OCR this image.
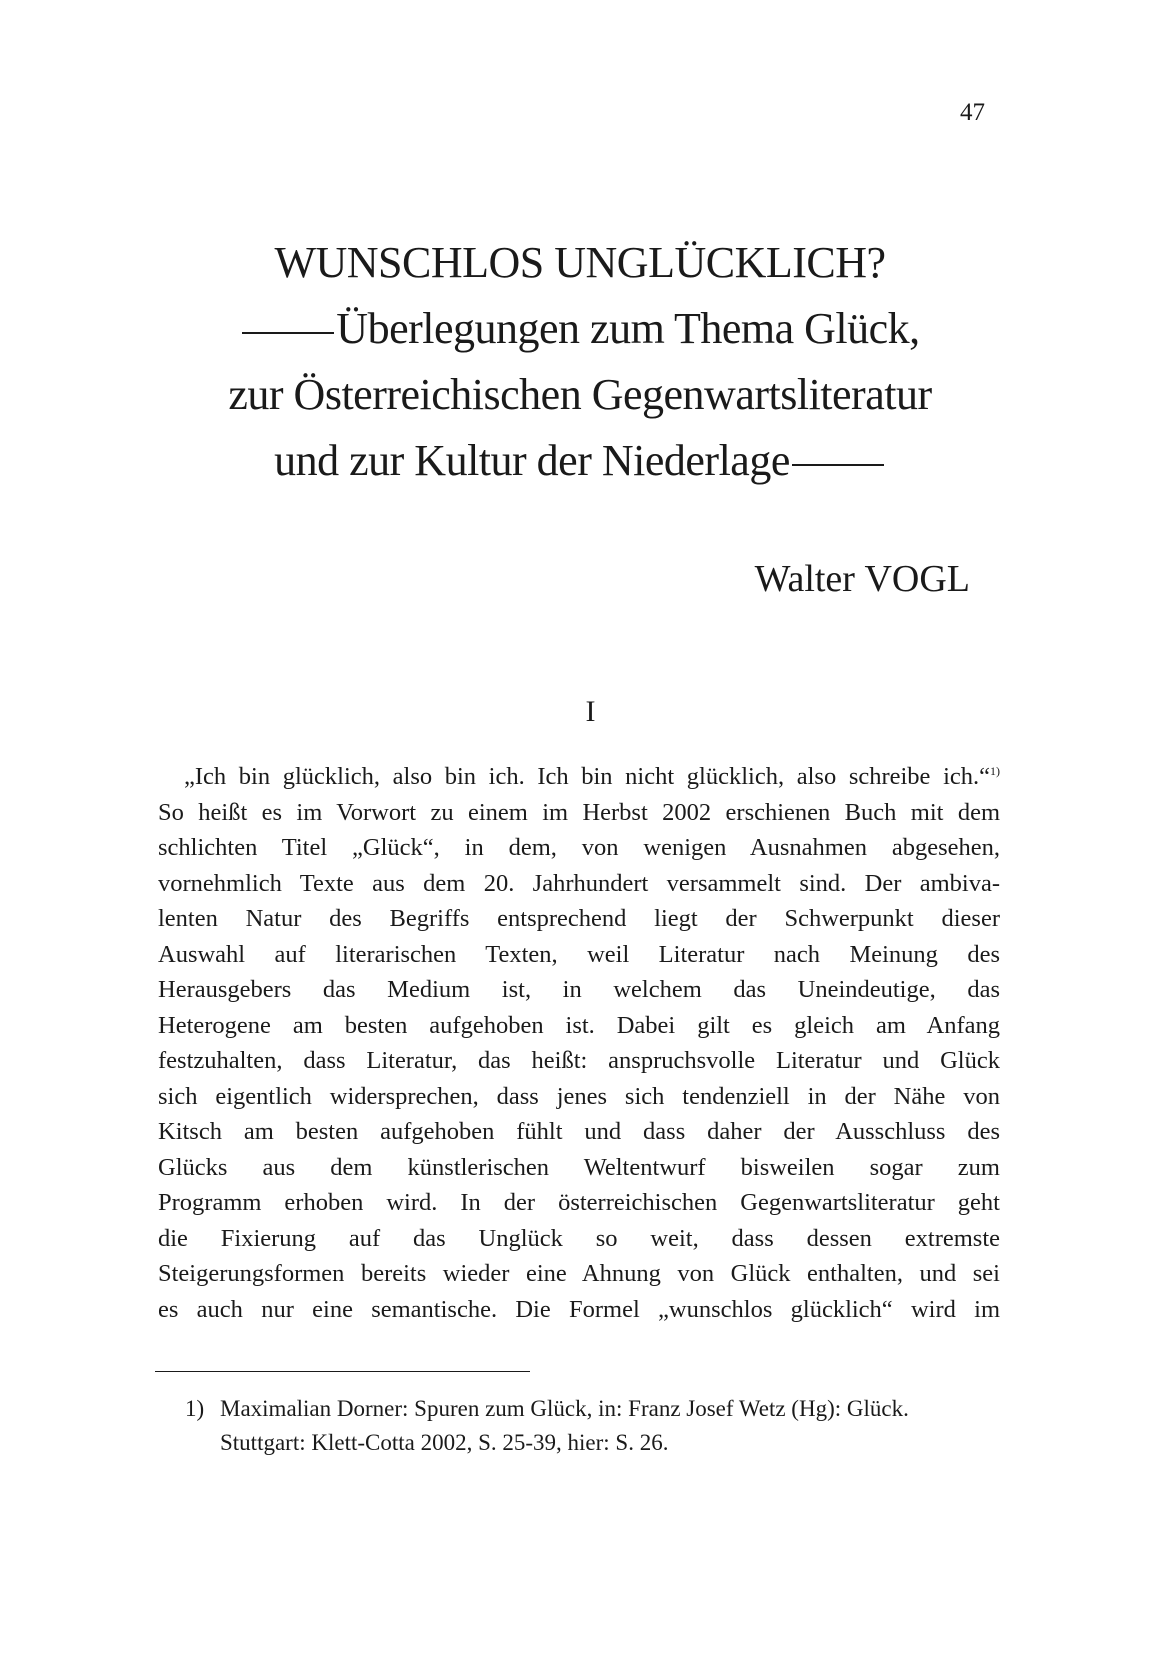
47
WUNSCHLOS UNGLÜCKLICH?
Überlegungen zum Thema Glück,
zur Österreichischen Gegenwartsliteratur
und zur Kultur der Niederlage
Walter VOGL
I
„Ich bin glücklich, also bin ich. Ich bin nicht glücklich, also schreibe ich.“$^{1)}$
So heißt es im Vorwort zu einem im Herbst 2002 erschienen Buch mit dem
schlichten Titel „Glück“, in dem, von wenigen Ausnahmen abgesehen,
vornehmlich Texte aus dem 20. Jahrhundert versammelt sind. Der ambiva-
lenten Natur des Begriffs entsprechend liegt der Schwerpunkt dieser
Auswahl auf literarischen Texten, weil Literatur nach Meinung des
Herausgebers das Medium ist, in welchem das Uneindeutige, das
Heterogene am besten aufgehoben ist. Dabei gilt es gleich am Anfang
festzuhalten, dass Literatur, das heißt: anspruchsvolle Literatur und Glück
sich eigentlich widersprechen, dass jenes sich tendenziell in der Nähe von
Kitsch am besten aufgehoben fühlt und dass daher der Ausschluss des
Glücks aus dem künstlerischen Weltentwurf bisweilen sogar zum
Programm erhoben wird. In der österreichischen Gegenwartsliteratur geht
die Fixierung auf das Unglück so weit, dass dessen extremste
Steigerungsformen bereits wieder eine Ahnung von Glück enthalten, und sei
es auch nur eine semantische. Die Formel „wunschlos glücklich“ wird im
1) Maximalian Dorner: Spuren zum Glück, in: Franz Josef Wetz (Hg): Glück.
Stuttgart: Klett-Cotta 2002, S. 25-39, hier: S. 26.
